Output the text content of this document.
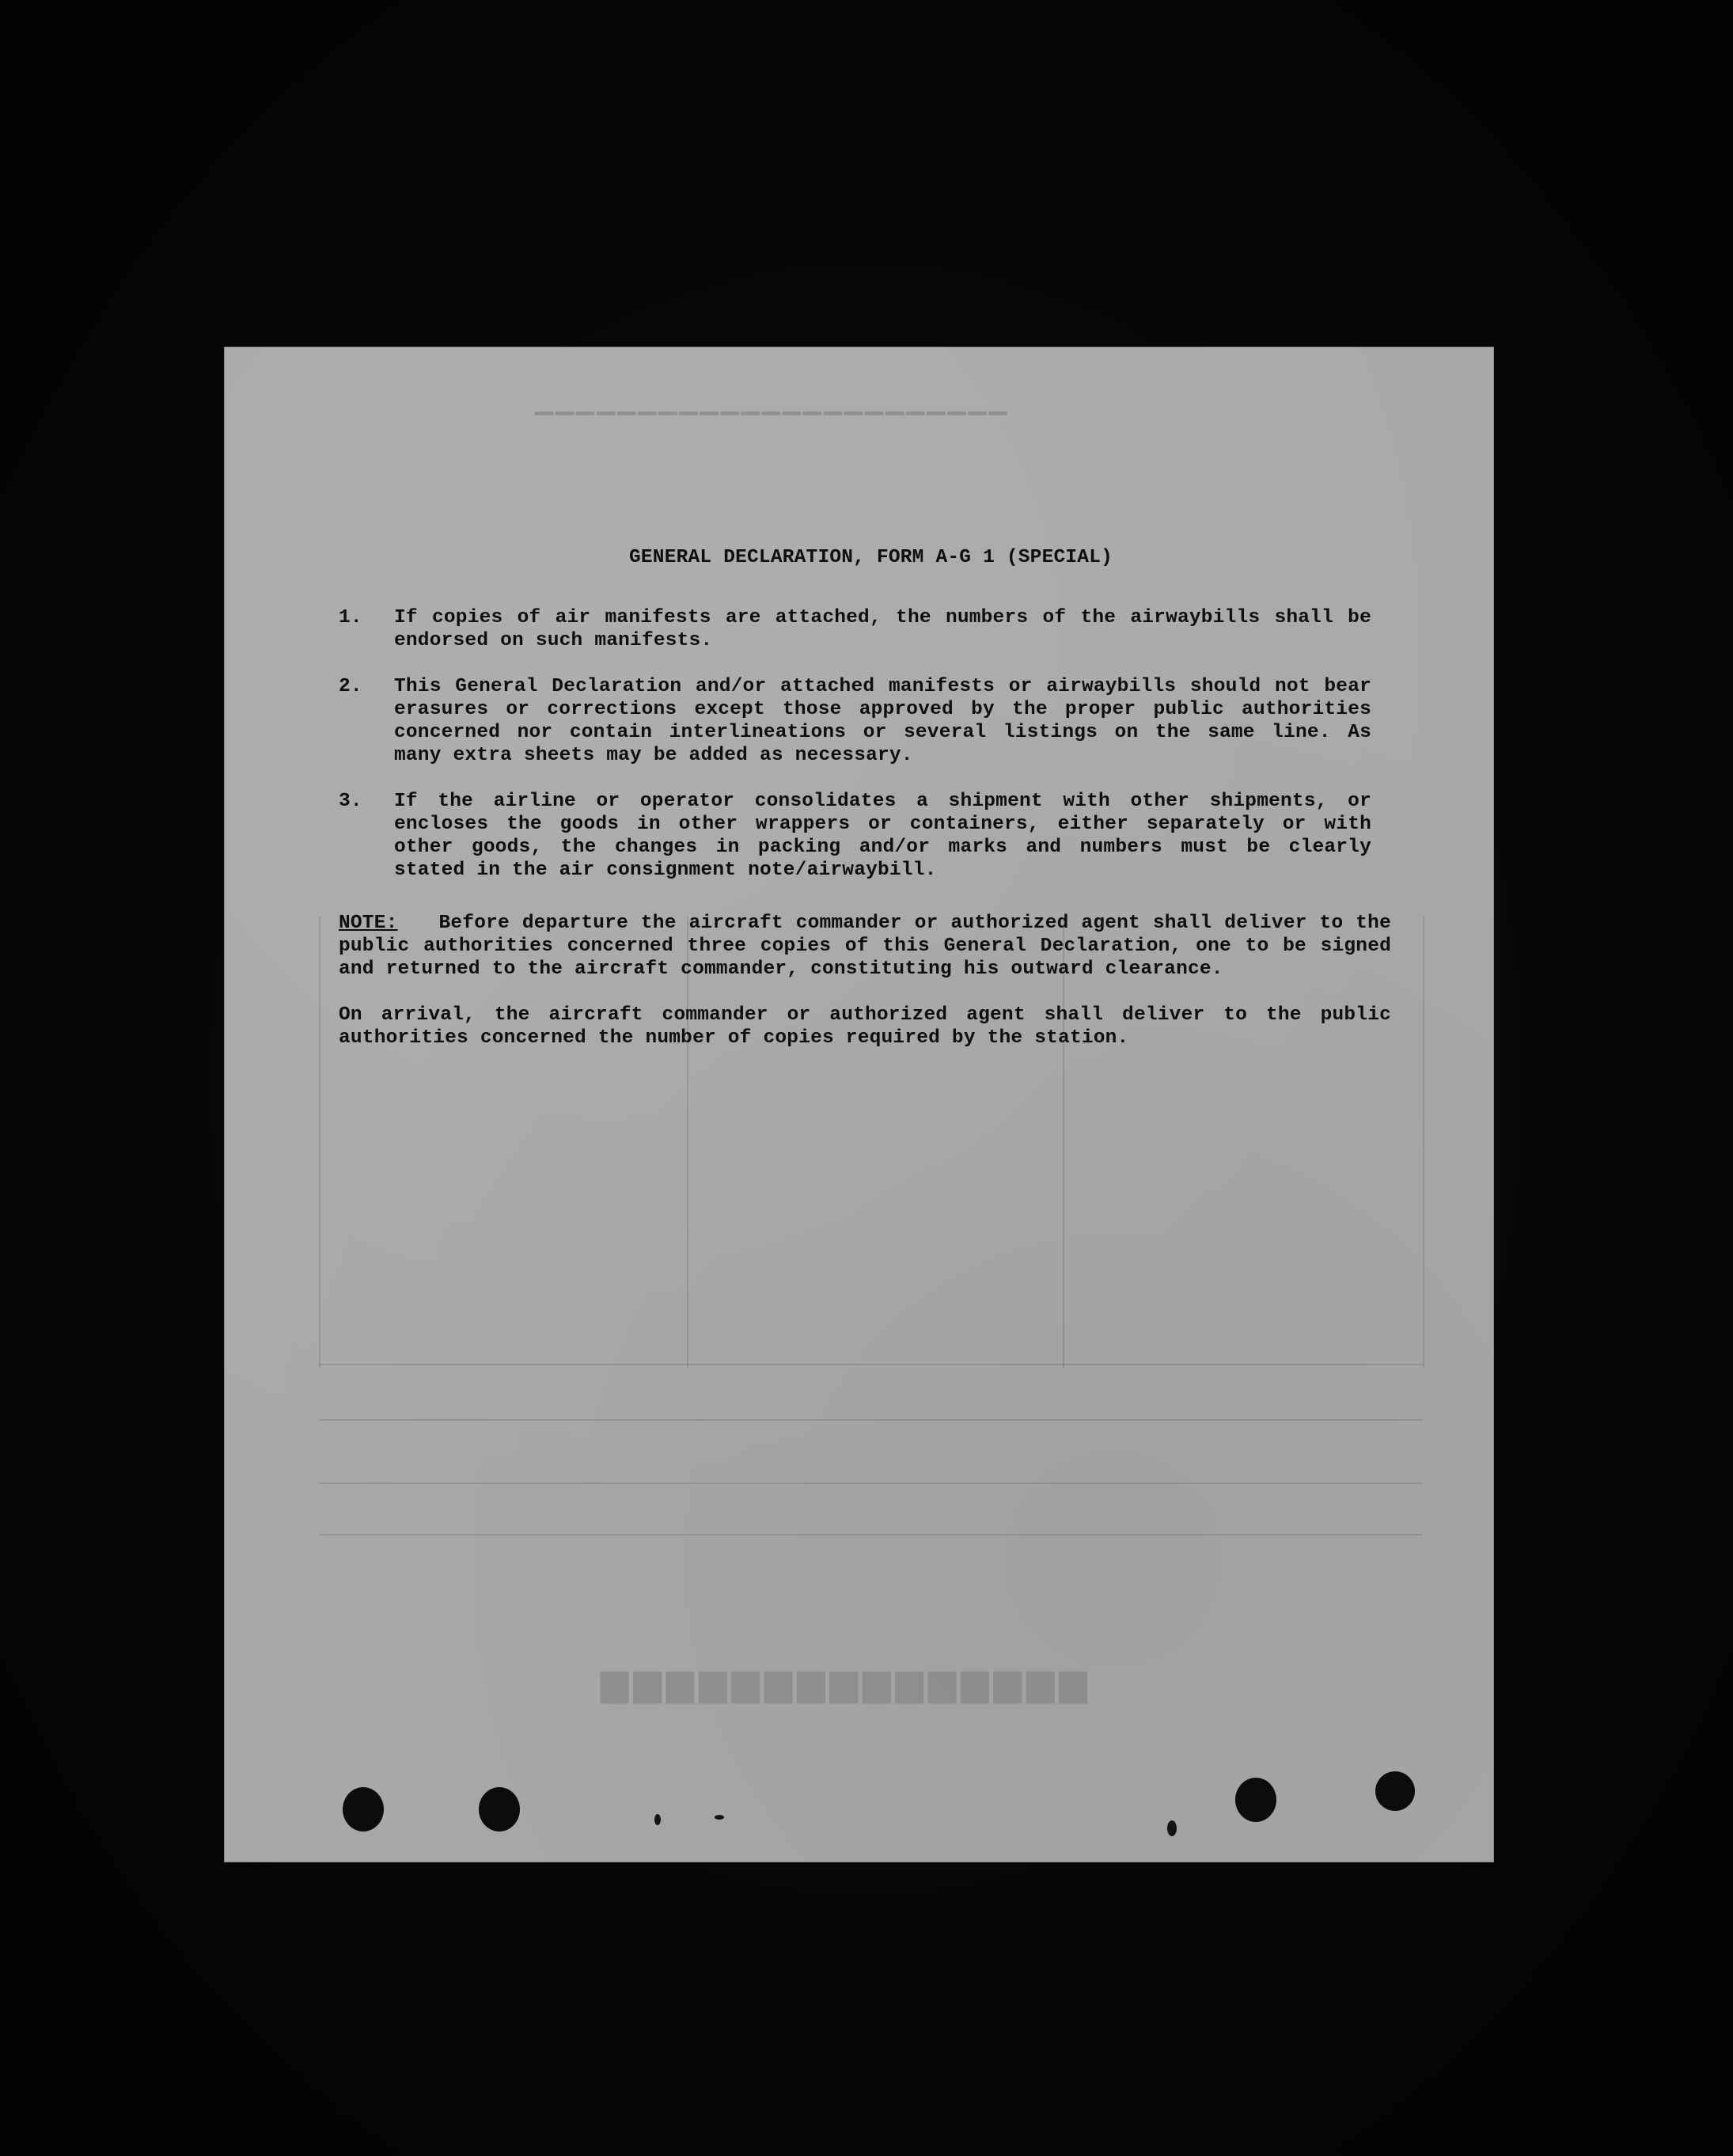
▁▁▁▁▁▁▁▁▁▁▁▁▁▁▁▁▁▁▁▁▁▁▁
▆▆▆▆▆▆▆▆▆▆▆▆▆▆▆
GENERAL DECLARATION, FORM A-G 1 (SPECIAL)
1.	If copies of air manifests are attached, the numbers of the airwaybills shall be endorsed on such manifests.
2.	This General Declaration and/or attached manifests or airwaybills should not bear erasures or corrections except those approved by the proper public authorities concerned nor contain interlineations or several listings on the same line. As many extra sheets may be added as necessary.
3.	If the airline or operator consolidates a shipment with other shipments, or encloses the goods in other wrappers or containers, either separately or with other goods, the changes in packing and/or marks and numbers must be clearly stated in the air consignment note/airwaybill.

NOTE: Before departure the aircraft commander or authorized agent shall deliver to the public authorities concerned three copies of this General Declaration, one to be signed and returned to the aircraft commander, constituting his outward clearance.

On arrival, the aircraft commander or authorized agent shall deliver to the public authorities concerned the number of copies required by the station.
